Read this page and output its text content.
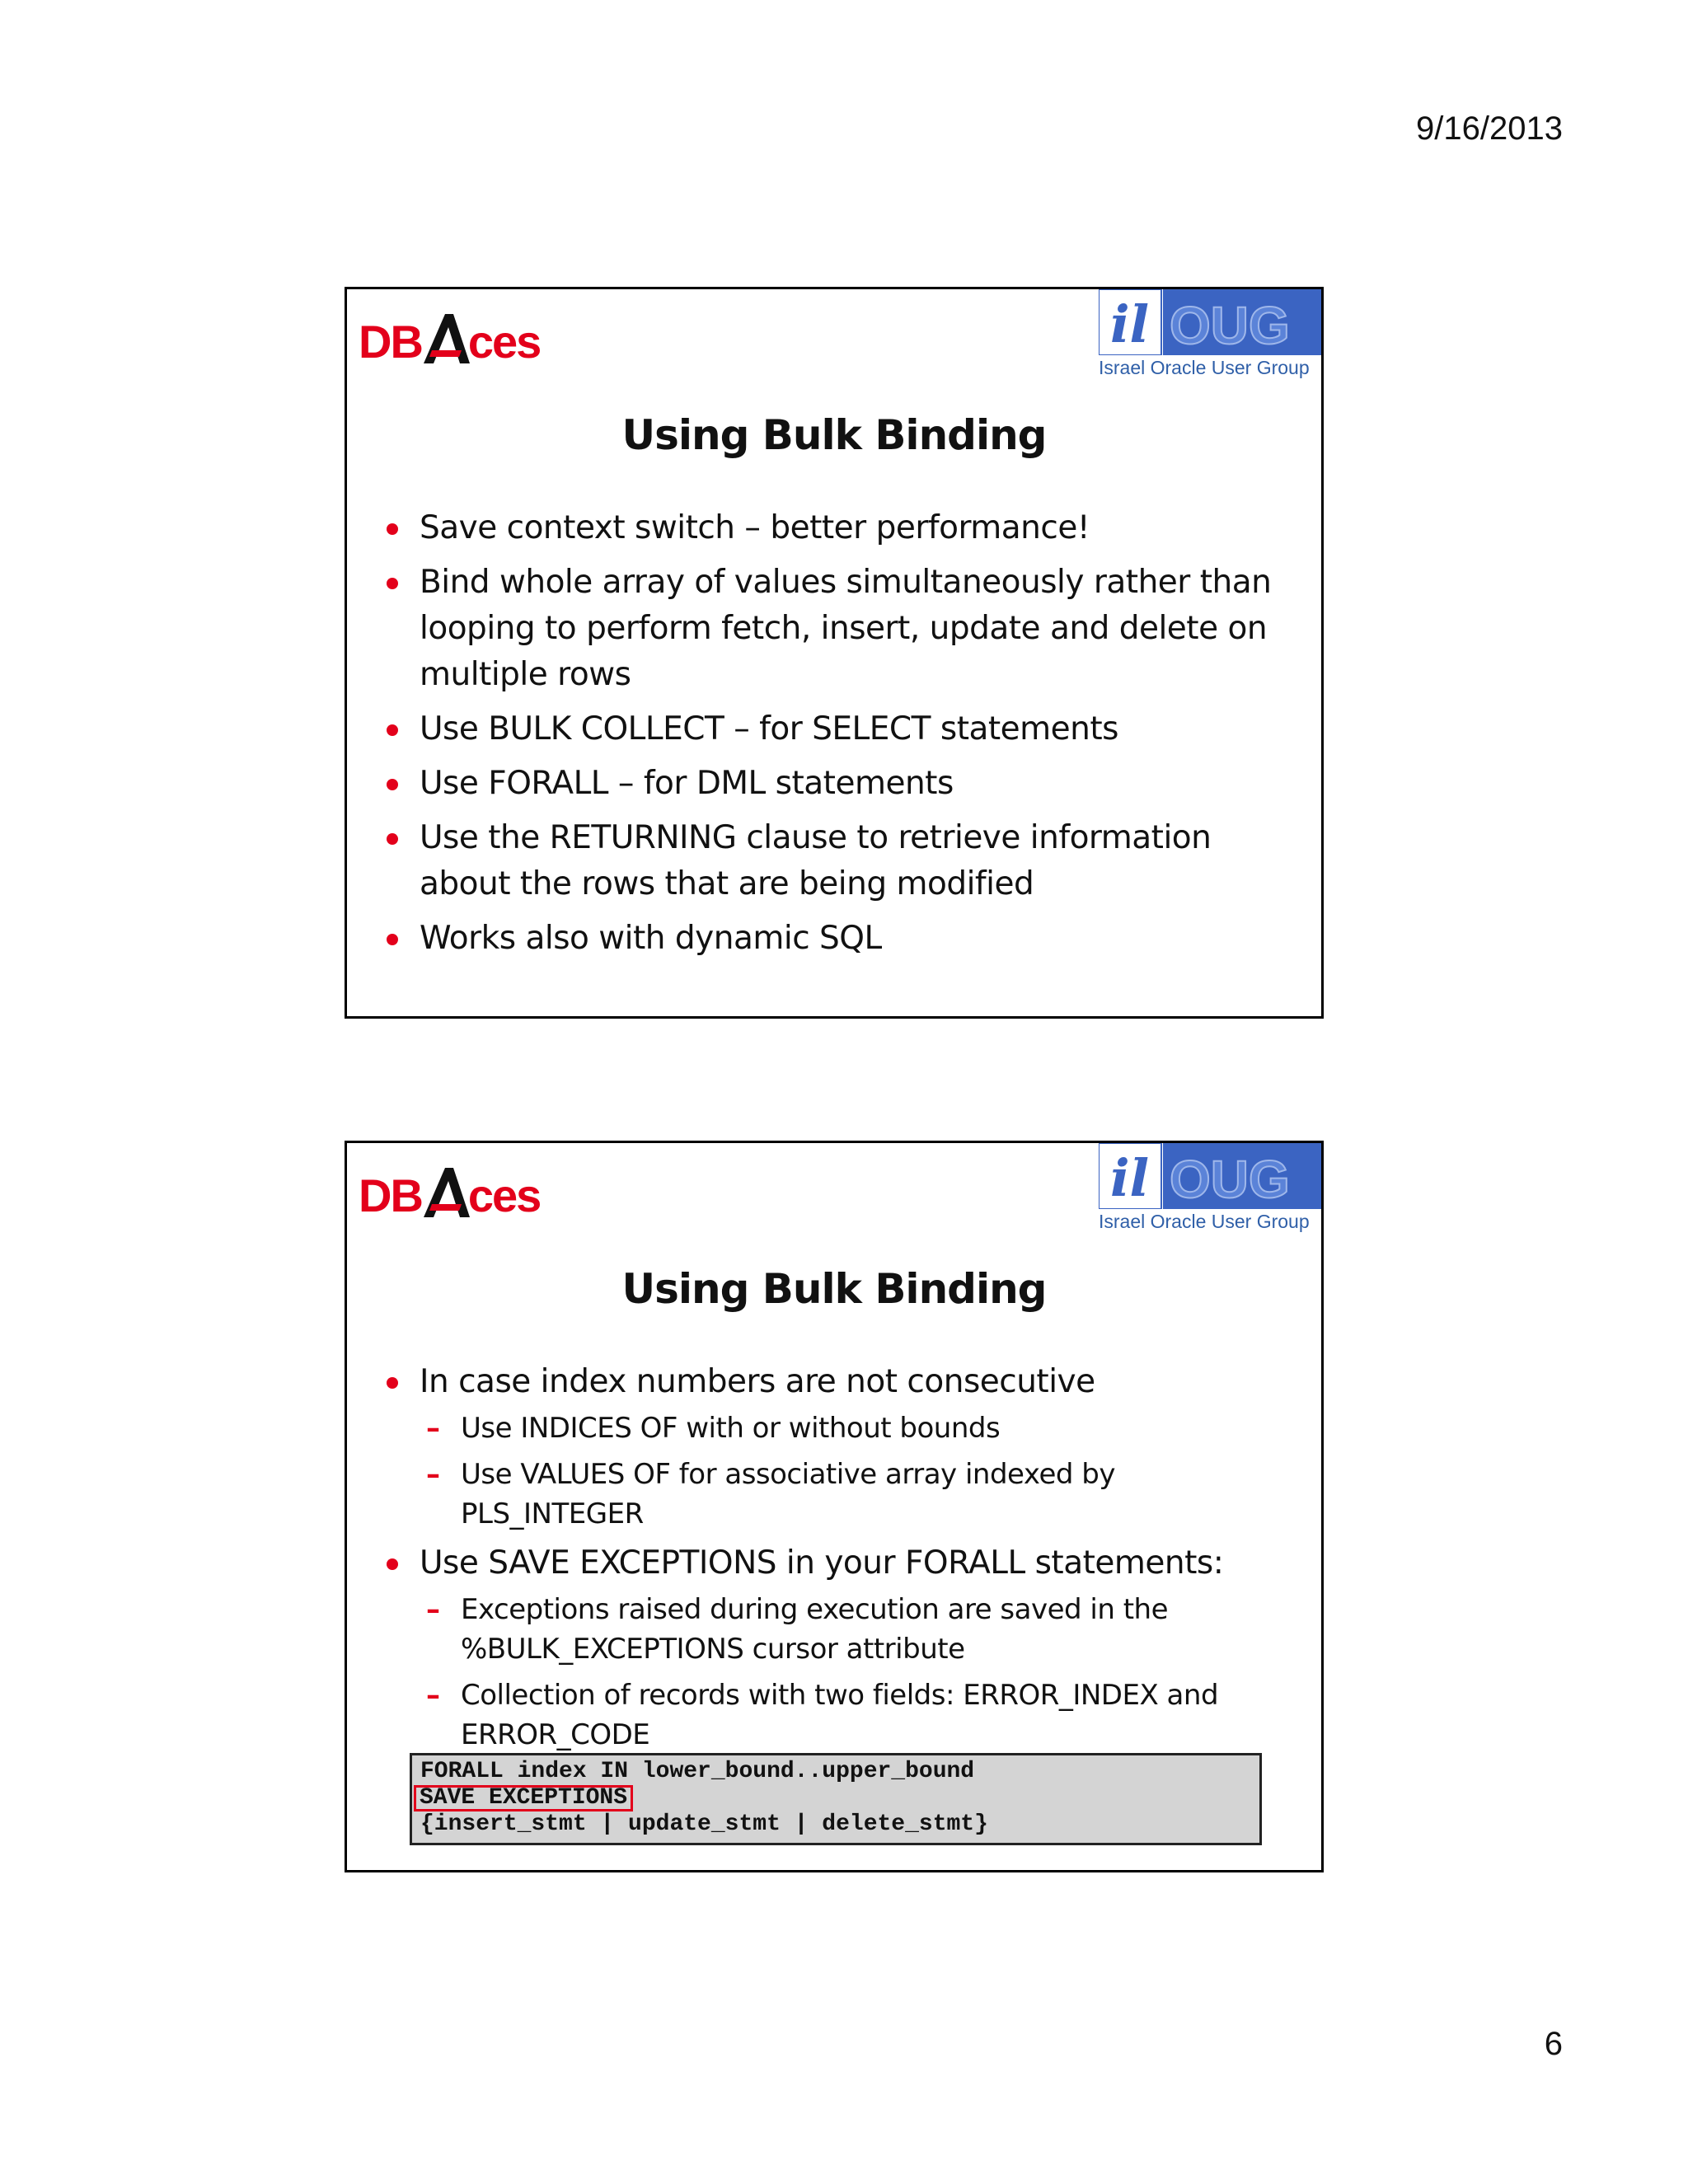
9/16/2013
DB ces	il OUG
Israel Oracle User Group
Using Bulk Binding
Save context switch – better performance!
Bind whole array of values simultaneously rather than looping to perform fetch, insert, update and delete on multiple rows
Use BULK COLLECT – for SELECT statements
Use FORALL – for DML statements
Use the RETURNING clause to retrieve information about the rows that are being modified
Works also with dynamic SQL
DB ces	il OUG
Israel Oracle User Group
Using Bulk Binding
In case index numbers are not consecutive
– Use INDICES OF with or without bounds
– Use VALUES OF for associative array indexed by PLS_INTEGER
Use SAVE EXCEPTIONS in your FORALL statements:
– Exceptions raised during execution are saved in the %BULK_EXCEPTIONS cursor attribute
– Collection of records with two fields: ERROR_INDEX and ERROR_CODE
FORALL index IN lower_bound..upper_bound
SAVE EXCEPTIONS
{insert_stmt | update_stmt | delete_stmt}
6
